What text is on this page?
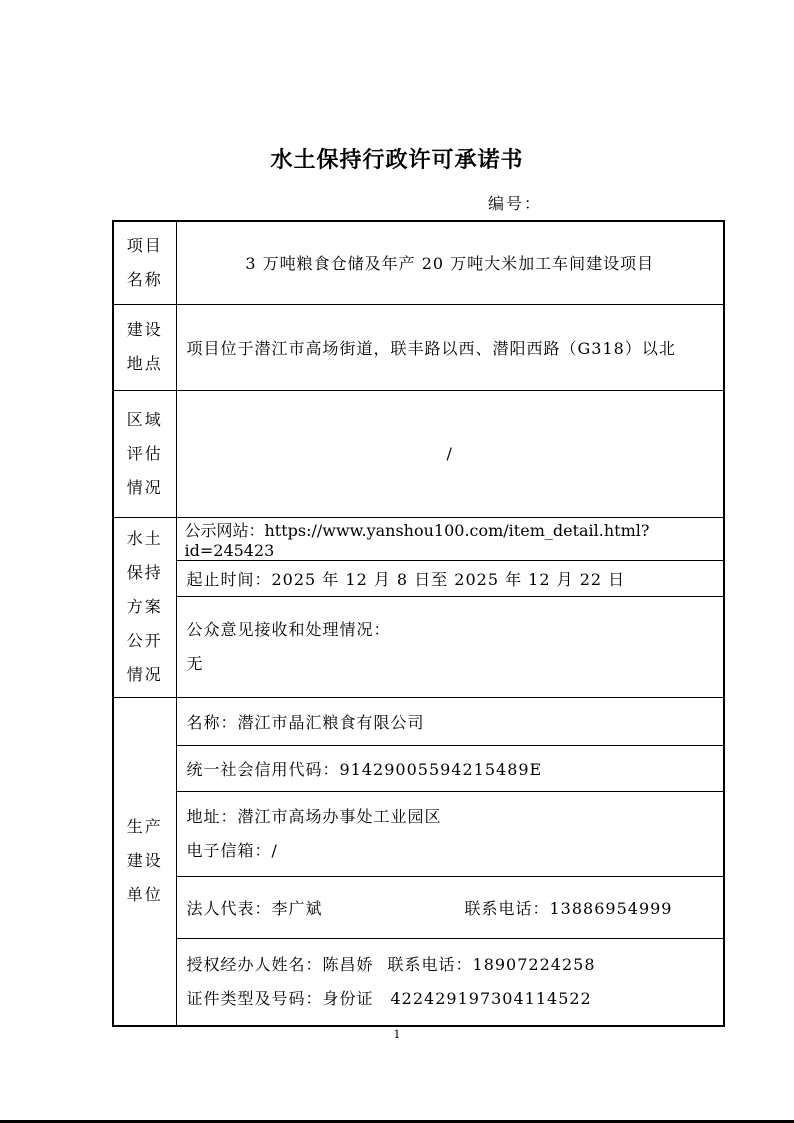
水土保持行政许可承诺书
编号：
项目
名称	3 万吨粮食仓储及年产 20 万吨大米加工车间建设项目

建设
地点	项目位于潜江市高场街道，联丰路以西、潜阳西路（G318）以北

区域
评估
情况	/

水土
保持
方案
公开
情况	公示网站：https://www.yanshou100.com/item_detail.html?id=245423
	起止时间：2025 年 12 月 8 日至 2025 年 12 月 22 日

	公众意见接收和处理情况：
无

生产
建设
单位	名称：潜江市晶汇粮食有限公司
	统一社会信用代码：91429005594215489E

	地址：潜江市高场办事处工业园区
电子信箱：/

	法人代表：李广斌 联系电话：13886954999

	授权经办人姓名：陈昌娇 联系电话：18907224258
证件类型及号码：身份证　422429197304114522
1
